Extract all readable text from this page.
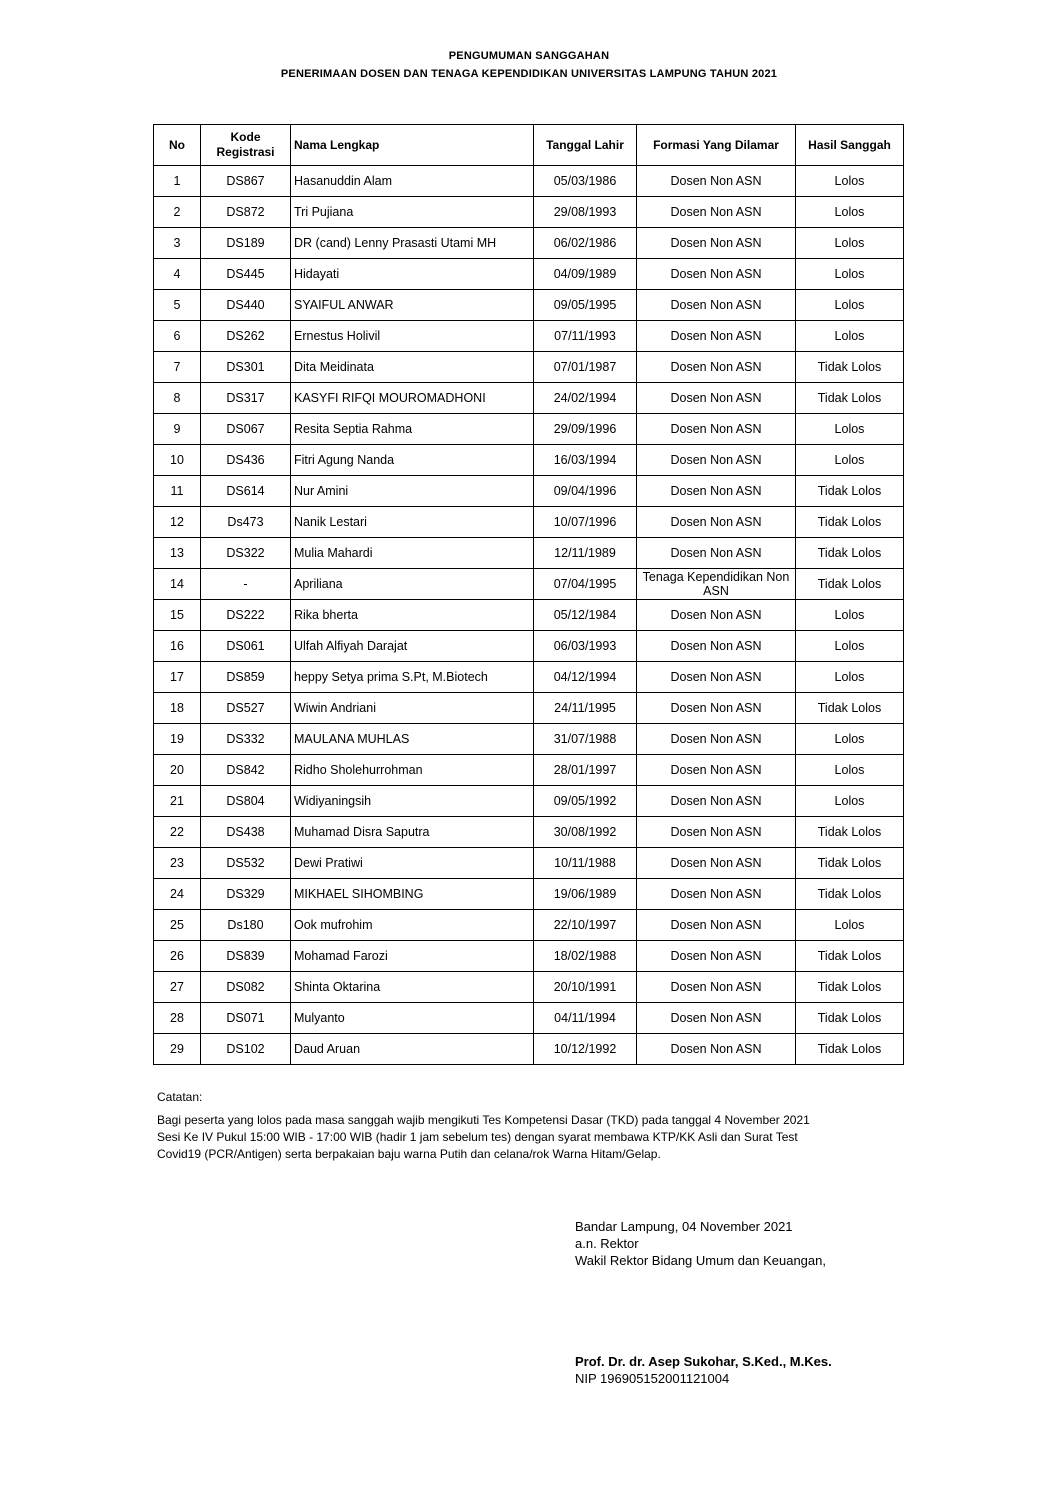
PENGUMUMAN SANGGAHAN
PENERIMAAN DOSEN DAN TENAGA KEPENDIDIKAN UNIVERSITAS LAMPUNG TAHUN 2021
No	Kode Registrasi	Nama Lengkap	Tanggal Lahir	Formasi Yang Dilamar	Hasil Sanggah
1	DS867	Hasanuddin Alam	05/03/1986	Dosen Non ASN	Lolos
2	DS872	Tri Pujiana	29/08/1993	Dosen Non ASN	Lolos
3	DS189	DR (cand) Lenny Prasasti Utami MH	06/02/1986	Dosen Non ASN	Lolos
4	DS445	Hidayati	04/09/1989	Dosen Non ASN	Lolos
5	DS440	SYAIFUL ANWAR	09/05/1995	Dosen Non ASN	Lolos
6	DS262	Ernestus Holivil	07/11/1993	Dosen Non ASN	Lolos
7	DS301	Dita Meidinata	07/01/1987	Dosen Non ASN	Tidak Lolos
8	DS317	KASYFI RIFQI MOUROMADHONI	24/02/1994	Dosen Non ASN	Tidak Lolos
9	DS067	Resita Septia Rahma	29/09/1996	Dosen Non ASN	Lolos
10	DS436	Fitri Agung Nanda	16/03/1994	Dosen Non ASN	Lolos
11	DS614	Nur Amini	09/04/1996	Dosen Non ASN	Tidak Lolos
12	Ds473	Nanik Lestari	10/07/1996	Dosen Non ASN	Tidak Lolos
13	DS322	Mulia Mahardi	12/11/1989	Dosen Non ASN	Tidak Lolos
14	-	Apriliana	07/04/1995	Tenaga Kependidikan Non ASN	Tidak Lolos
15	DS222	Rika bherta	05/12/1984	Dosen Non ASN	Lolos
16	DS061	Ulfah Alfiyah Darajat	06/03/1993	Dosen Non ASN	Lolos
17	DS859	heppy Setya prima S.Pt, M.Biotech	04/12/1994	Dosen Non ASN	Lolos
18	DS527	Wiwin Andriani	24/11/1995	Dosen Non ASN	Tidak Lolos
19	DS332	MAULANA MUHLAS	31/07/1988	Dosen Non ASN	Lolos
20	DS842	Ridho Sholehurrohman	28/01/1997	Dosen Non ASN	Lolos
21	DS804	Widiyaningsih	09/05/1992	Dosen Non ASN	Lolos
22	DS438	Muhamad Disra Saputra	30/08/1992	Dosen Non ASN	Tidak Lolos
23	DS532	Dewi Pratiwi	10/11/1988	Dosen Non ASN	Tidak Lolos
24	DS329	MIKHAEL SIHOMBING	19/06/1989	Dosen Non ASN	Tidak Lolos
25	Ds180	Ook mufrohim	22/10/1997	Dosen Non ASN	Lolos
26	DS839	Mohamad Farozi	18/02/1988	Dosen Non ASN	Tidak Lolos
27	DS082	Shinta Oktarina	20/10/1991	Dosen Non ASN	Tidak Lolos
28	DS071	Mulyanto	04/11/1994	Dosen Non ASN	Tidak Lolos
29	DS102	Daud Aruan	10/12/1992	Dosen Non ASN	Tidak Lolos

Catatan:

Bagi peserta yang lolos pada masa sanggah wajib mengikuti Tes Kompetensi Dasar (TKD) pada tanggal 4 November 2021

Sesi Ke IV Pukul 15:00 WIB - 17:00 WIB (hadir 1 jam sebelum tes) dengan syarat membawa KTP/KK Asli dan Surat Test

Covid19 (PCR/Antigen) serta berpakaian baju warna Putih dan celana/rok Warna Hitam/Gelap.

Bandar Lampung, 04 November 2021
a.n. Rektor
Wakil Rektor Bidang Umum dan Keuangan,
Prof. Dr. dr. Asep Sukohar, S.Ked., M.Kes.
NIP 196905152001121004
